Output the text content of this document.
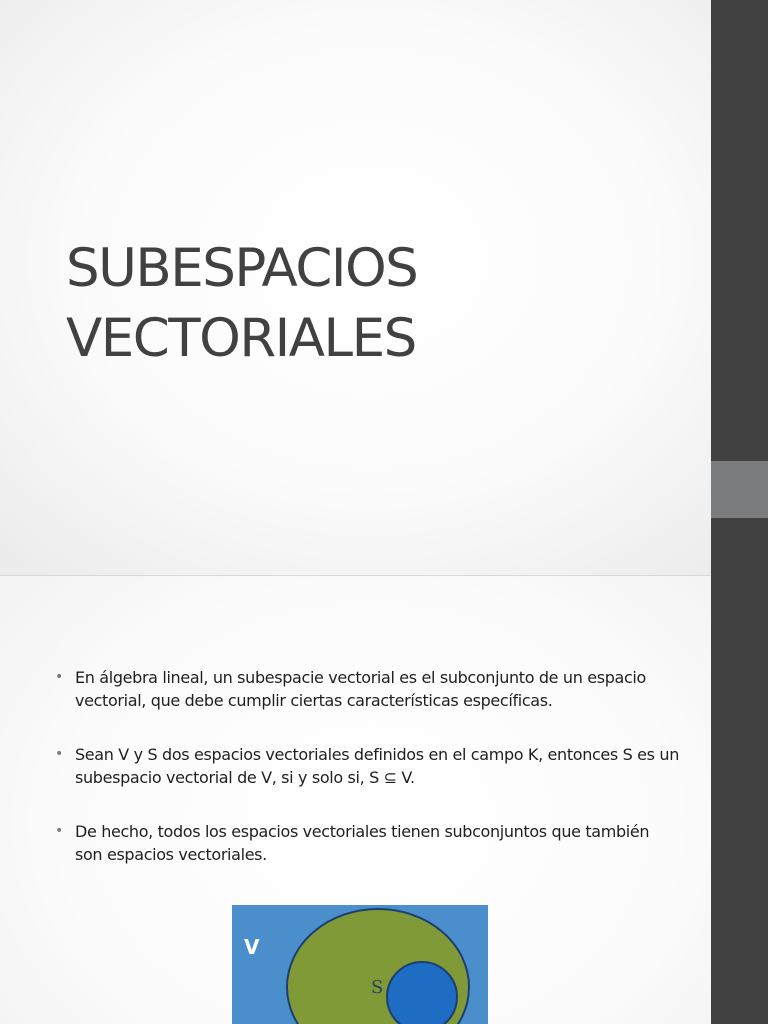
SUBESPACIOS
VECTORIALES
• En álgebra lineal, un subespacie vectorial es el subconjunto de un espacio vectorial, que debe cumplir ciertas características específicas.
• Sean V y S dos espacios vectoriales definidos en el campo K, entonces S es un subespacio vectorial de V, si y solo si, S ⊆ V.
• De hecho, todos los espacios vectoriales tienen subconjuntos que también son espacios vectoriales.
V
S
